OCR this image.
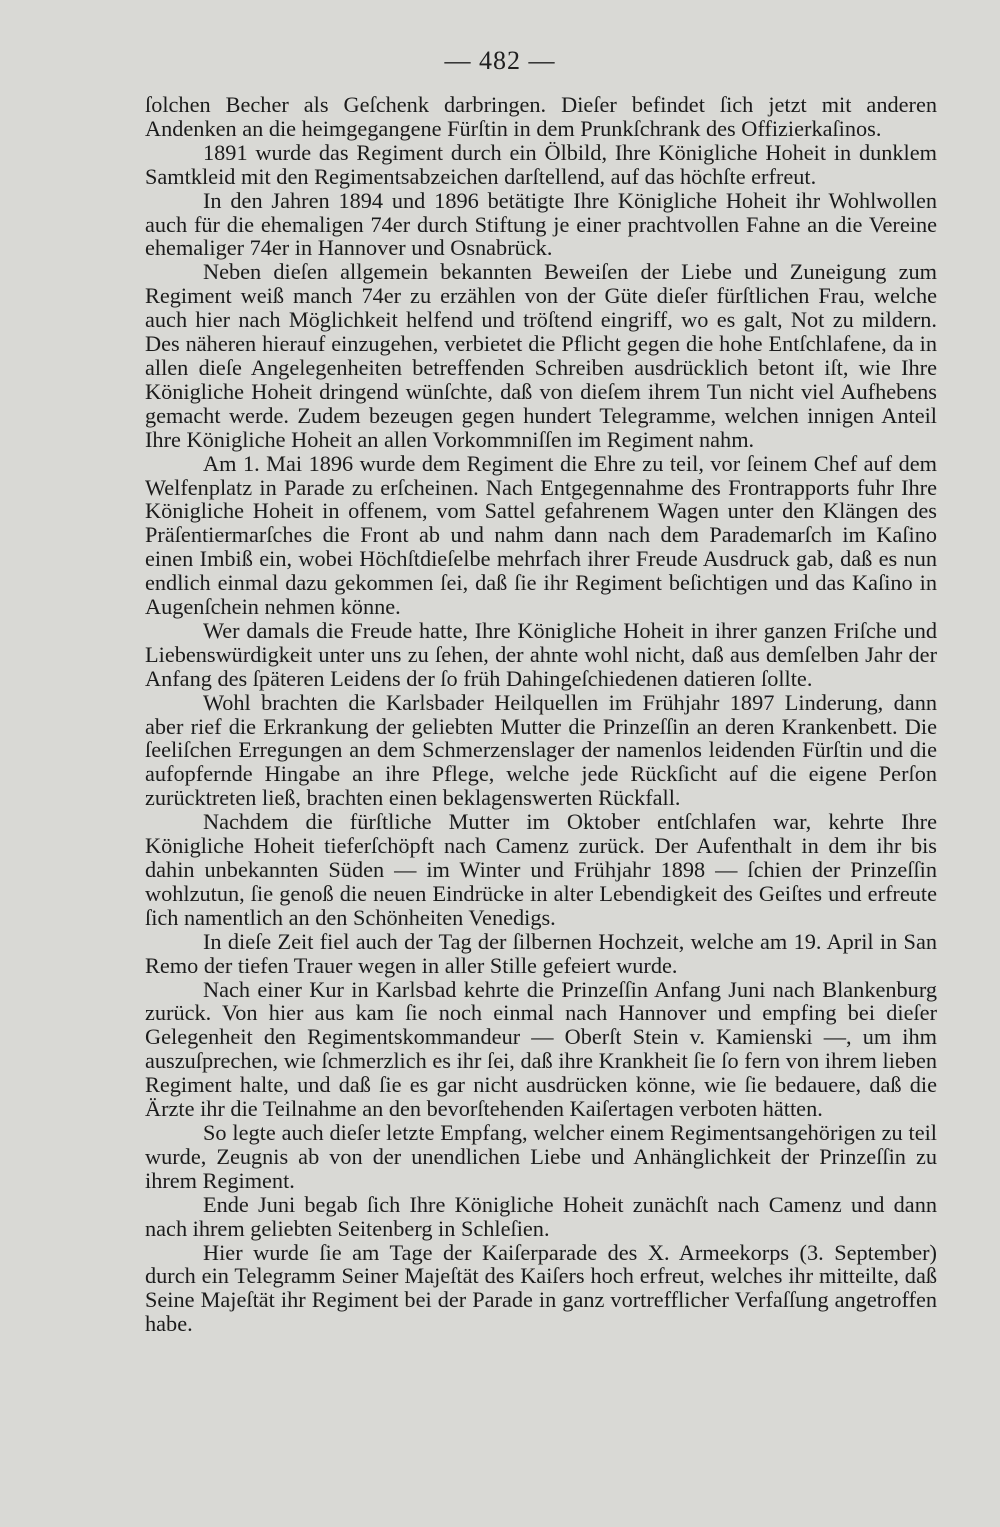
— 482 —

ſolchen Becher als Geſchenk darbringen. Dieſer befindet ſich jetzt mit anderen Andenken an die heimgegangene Fürſtin in dem Prunkſchrank des Offizierkaſinos.

1891 wurde das Regiment durch ein Ölbild, Ihre Königliche Hoheit in dunklem Samtkleid mit den Regimentsabzeichen darſtellend, auf das höchſte erfreut.

In den Jahren 1894 und 1896 betätigte Ihre Königliche Hoheit ihr Wohlwollen auch für die ehemaligen 74er durch Stiftung je einer prachtvollen Fahne an die Vereine ehemaliger 74er in Hannover und Osnabrück.

Neben dieſen allgemein bekannten Beweiſen der Liebe und Zuneigung zum Regiment weiß manch 74er zu erzählen von der Güte dieſer fürſtlichen Frau, welche auch hier nach Möglichkeit helfend und tröſtend eingriff, wo es galt, Not zu mildern. Des näheren hierauf einzugehen, verbietet die Pflicht gegen die hohe Entſchlafene, da in allen dieſe Angelegenheiten betreffenden Schreiben ausdrücklich betont iſt, wie Ihre Königliche Hoheit dringend wünſchte, daß von dieſem ihrem Tun nicht viel Aufhebens gemacht werde. Zudem bezeugen gegen hundert Telegramme, welchen innigen Anteil Ihre Königliche Hoheit an allen Vorkommniſſen im Regiment nahm.

Am 1. Mai 1896 wurde dem Regiment die Ehre zu teil, vor ſeinem Chef auf dem Welfenplatz in Parade zu erſcheinen. Nach Entgegennahme des Frontrapports fuhr Ihre Königliche Hoheit in offenem, vom Sattel gefahrenem Wagen unter den Klängen des Präſentiermarſches die Front ab und nahm dann nach dem Parademarſch im Kaſino einen Imbiß ein, wobei Höchſtdieſelbe mehrfach ihrer Freude Ausdruck gab, daß es nun endlich einmal dazu gekommen ſei, daß ſie ihr Regiment beſichtigen und das Kaſino in Augenſchein nehmen könne.

Wer damals die Freude hatte, Ihre Königliche Hoheit in ihrer ganzen Friſche und Liebenswürdigkeit unter uns zu ſehen, der ahnte wohl nicht, daß aus demſelben Jahr der Anfang des ſpäteren Leidens der ſo früh Dahingeſchiedenen datieren ſollte.

Wohl brachten die Karlsbader Heilquellen im Frühjahr 1897 Linderung, dann aber rief die Erkrankung der geliebten Mutter die Prinzeſſin an deren Krankenbett. Die ſeeliſchen Erregungen an dem Schmerzenslager der namenlos leidenden Fürſtin und die aufopfernde Hingabe an ihre Pflege, welche jede Rückſicht auf die eigene Perſon zurücktreten ließ, brachten einen beklagenswerten Rückfall.

Nachdem die fürſtliche Mutter im Oktober entſchlafen war, kehrte Ihre Königliche Hoheit tieferſchöpft nach Camenz zurück. Der Aufenthalt in dem ihr bis dahin unbekannten Süden — im Winter und Frühjahr 1898 — ſchien der Prinzeſſin wohlzutun, ſie genoß die neuen Eindrücke in alter Lebendigkeit des Geiſtes und erfreute ſich namentlich an den Schönheiten Venedigs.

In dieſe Zeit fiel auch der Tag der ſilbernen Hochzeit, welche am 19. April in San Remo der tiefen Trauer wegen in aller Stille gefeiert wurde.

Nach einer Kur in Karlsbad kehrte die Prinzeſſin Anfang Juni nach Blankenburg zurück. Von hier aus kam ſie noch einmal nach Hannover und empfing bei dieſer Gelegenheit den Regimentskommandeur — Oberſt Stein v. Kamienski —, um ihm auszuſprechen, wie ſchmerzlich es ihr ſei, daß ihre Krankheit ſie ſo fern von ihrem lieben Regiment halte, und daß ſie es gar nicht ausdrücken könne, wie ſie bedauere, daß die Ärzte ihr die Teilnahme an den bevorſtehenden Kaiſertagen verboten hätten.

So legte auch dieſer letzte Empfang, welcher einem Regimentsangehörigen zu teil wurde, Zeugnis ab von der unendlichen Liebe und Anhänglichkeit der Prinzeſſin zu ihrem Regiment.

Ende Juni begab ſich Ihre Königliche Hoheit zunächſt nach Camenz und dann nach ihrem geliebten Seitenberg in Schleſien.

Hier wurde ſie am Tage der Kaiſerparade des X. Armeekorps (3. September) durch ein Telegramm Seiner Majeſtät des Kaiſers hoch erfreut, welches ihr mitteilte, daß Seine Majeſtät ihr Regiment bei der Parade in ganz vortrefflicher Verfaſſung angetroffen habe.
